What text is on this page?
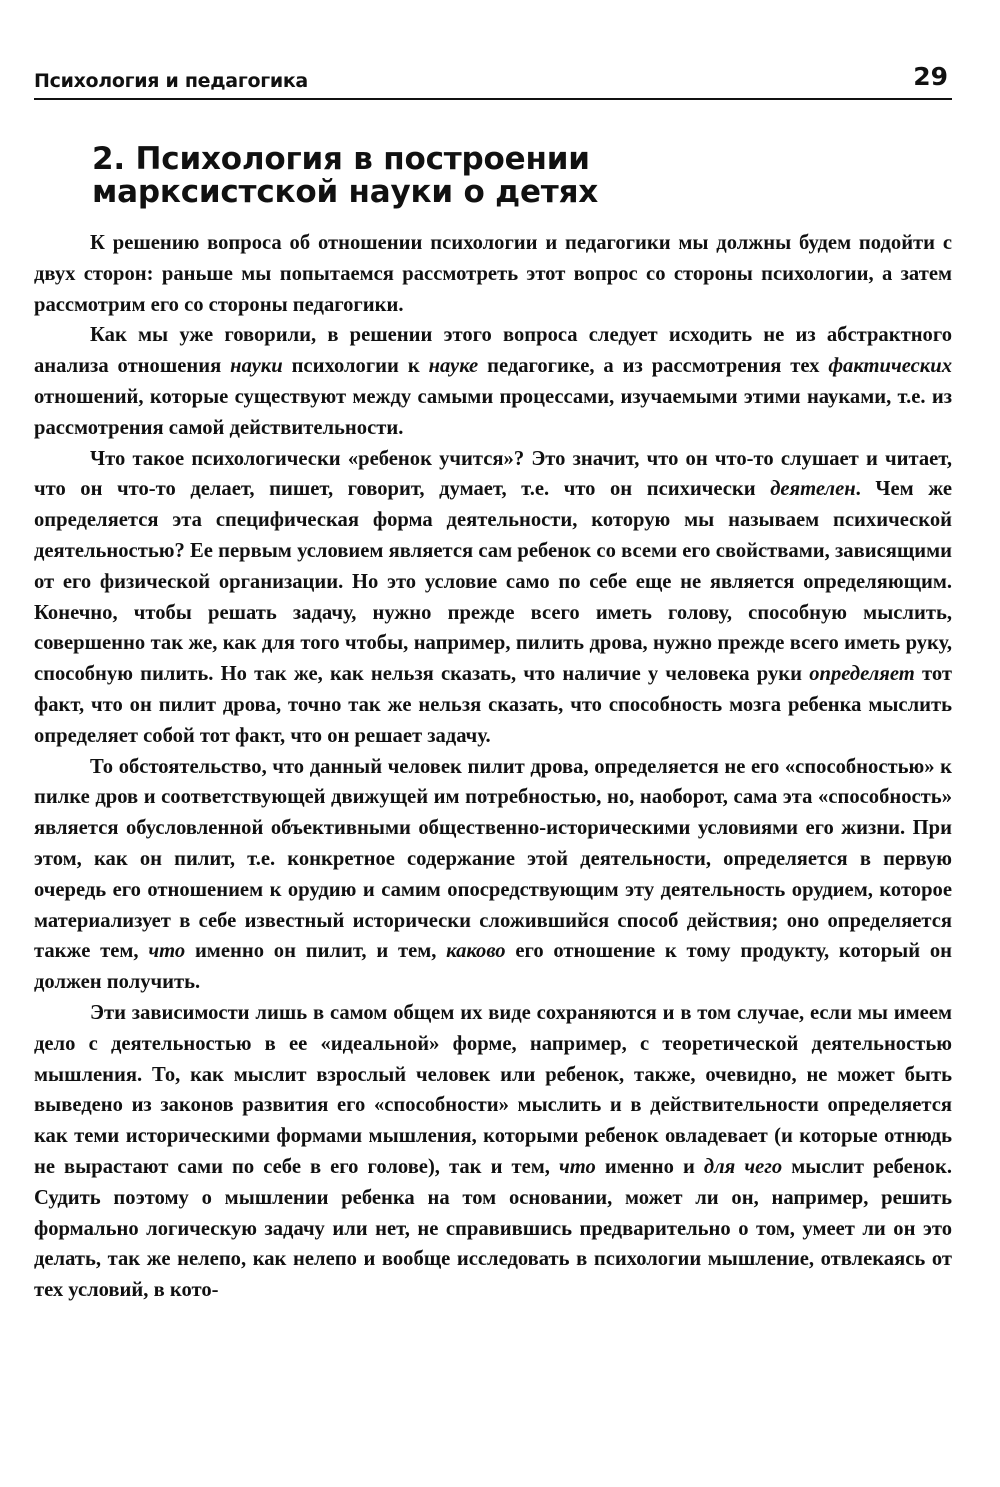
Психология и педагогика	29
2. Психология в построении
марксистской науки о детях

К решению вопроса об отношении психологии и педагогики мы должны будем подойти с двух сторон: раньше мы попытаемся рассмотреть этот вопрос со стороны психологии, а затем рассмотрим его со стороны педагогики.

Как мы уже говорили, в решении этого вопроса следует исходить не из абстрактного анализа отношения науки психологии к науке педагогике, а из рассмотрения тех фактических отношений, которые существуют между самыми процессами, изучаемыми этими науками, т.е. из рассмотрения самой действительности.

Что такое психологически «ребенок учится»? Это значит, что он что-то слушает и читает, что он что-то делает, пишет, говорит, думает, т.е. что он психически деятелен. Чем же определяется эта специфическая форма деятельности, которую мы называем психической деятельностью? Ее первым условием является сам ребенок со всеми его свойствами, зависящими от его физической организации. Но это условие само по себе еще не является определяющим. Конечно, чтобы решать задачу, нужно прежде всего иметь голову, способную мыслить, совершенно так же, как для того чтобы, например, пилить дрова, нужно прежде всего иметь руку, способную пилить. Но так же, как нельзя сказать, что наличие у человека руки определяет тот факт, что он пилит дрова, точно так же нельзя сказать, что способность мозга ребенка мыслить определяет собой тот факт, что он решает задачу.

То обстоятельство, что данный человек пилит дрова, определяется не его «способностью» к пилке дров и соответствующей движущей им потребностью, но, наоборот, сама эта «способность» является обусловленной объективными общественно-историческими условиями его жизни. При этом, как он пилит, т.е. конкретное содержание этой деятельности, определяется в первую очередь его отношением к орудию и самим опосредствующим эту деятельность орудием, которое материализует в себе известный исторически сложившийся способ действия; оно определяется также тем, что именно он пилит, и тем, каково его отношение к тому продукту, который он должен получить.

Эти зависимости лишь в самом общем их виде сохраняются и в том случае, если мы имеем дело с деятельностью в ее «идеальной» форме, например, с теоретической деятельностью мышления. То, как мыслит взрослый человек или ребенок, также, очевидно, не может быть выведено из законов развития его «способности» мыслить и в действительности определяется как теми историческими формами мышления, которыми ребенок овладевает (и которые отнюдь не вырастают сами по себе в его голове), так и тем, что именно и для чего мыслит ребенок. Судить поэтому о мышлении ребенка на том основании, может ли он, например, решить формально логическую задачу или нет, не справившись предварительно о том, умеет ли он это делать, так же нелепо, как нелепо и вообще исследовать в психологии мышление, отвлекаясь от тех условий, в кото-
